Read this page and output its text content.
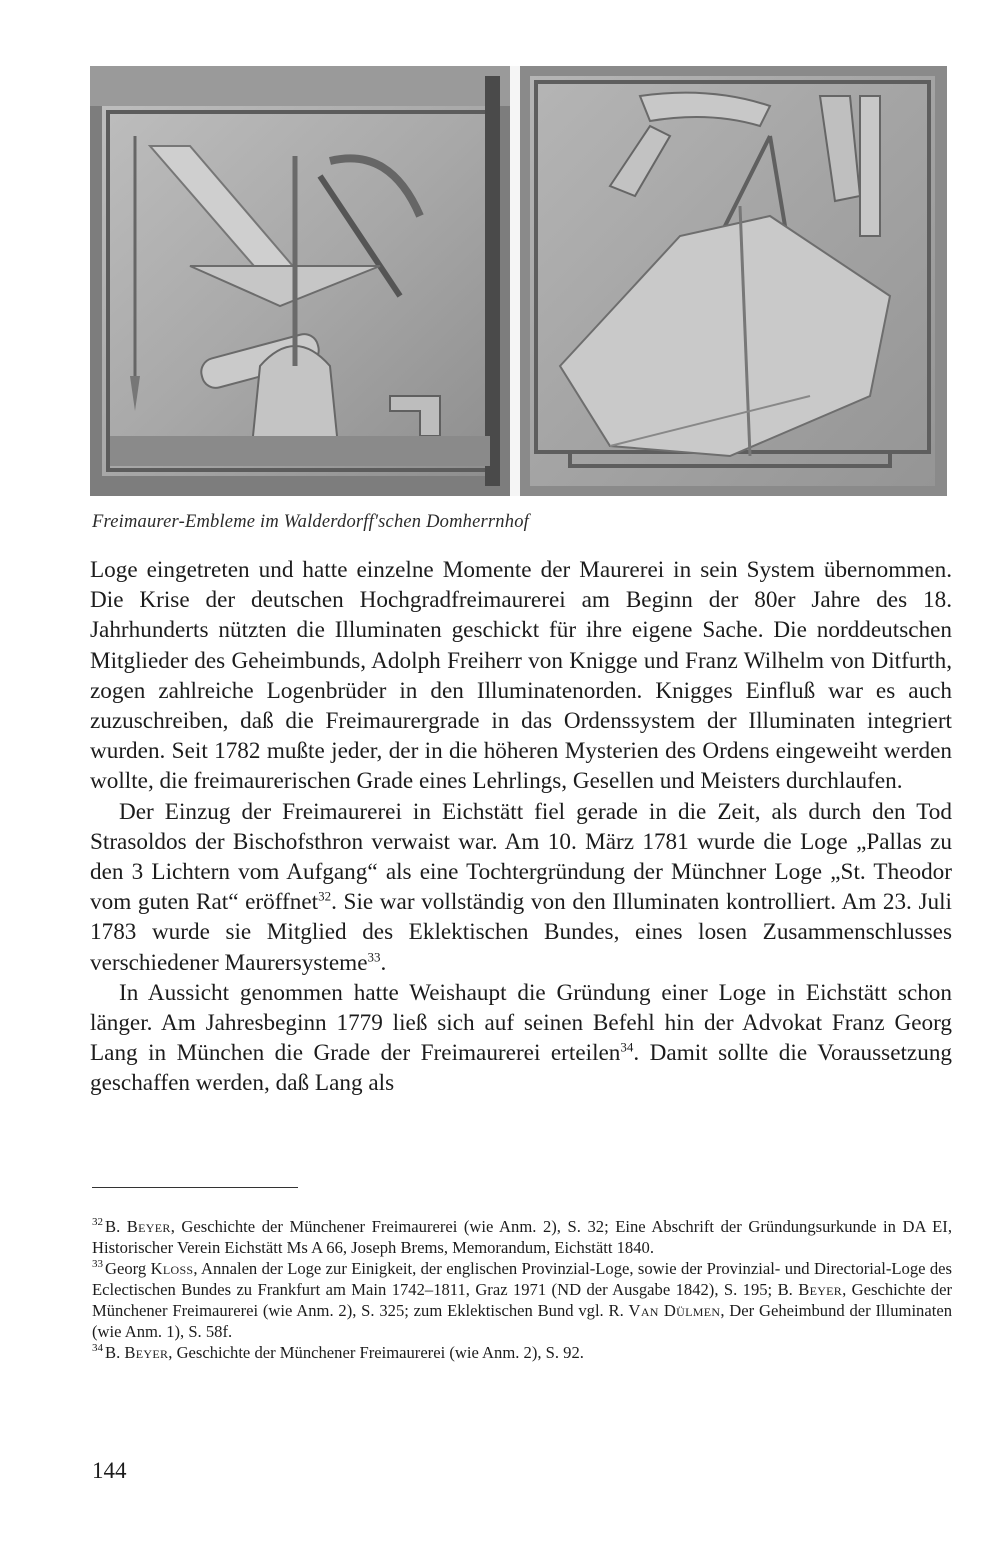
Freimaurer-Embleme im Walderdorff'schen Domherrnhof

Loge eingetreten und hatte einzelne Momente der Maurerei in sein System übernommen. Die Krise der deutschen Hochgradfreimaurerei am Beginn der 80er Jahre des 18. Jahrhunderts nützten die Illuminaten geschickt für ihre eigene Sache. Die norddeutschen Mitglieder des Geheimbunds, Adolph Freiherr von Knigge und Franz Wilhelm von Ditfurth, zogen zahlreiche Logenbrüder in den Illuminatenorden. Knigges Einfluß war es auch zuzuschreiben, daß die Freimaurergrade in das Ordenssystem der Illuminaten integriert wurden. Seit 1782 mußte jeder, der in die höheren Mysterien des Ordens eingeweiht werden wollte, die freimaurerischen Grade eines Lehrlings, Gesellen und Meisters durchlaufen.

Der Einzug der Freimaurerei in Eichstätt fiel gerade in die Zeit, als durch den Tod Strasoldos der Bischofsthron verwaist war. Am 10. März 1781 wurde die Loge „Pallas zu den 3 Lichtern vom Aufgang“ als eine Tochtergründung der Münchner Loge „St. Theodor vom guten Rat“ eröffnet$^{32}$. Sie war vollständig von den Illuminaten kontrolliert. Am 23. Juli 1783 wurde sie Mitglied des Eklektischen Bundes, eines losen Zusammenschlusses verschiedener Maurersysteme$^{33}$.

In Aussicht genommen hatte Weishaupt die Gründung einer Loge in Eichstätt schon länger. Am Jahresbeginn 1779 ließ sich auf seinen Befehl hin der Advokat Franz Georg Lang in München die Grade der Freimaurerei erteilen$^{34}$. Damit sollte die Voraussetzung geschaffen werden, daß Lang als

$^{32}$ B. Beyer, Geschichte der Münchener Freimaurerei (wie Anm. 2), S. 32; Eine Abschrift der Gründungsurkunde in DA EI, Historischer Verein Eichstätt Ms A 66, Joseph Brems, Memorandum, Eichstätt 1840.

$^{33}$ Georg Kloss, Annalen der Loge zur Einigkeit, der englischen Provinzial-Loge, sowie der Provinzial- und Directorial-Loge des Eclectischen Bundes zu Frankfurt am Main 1742–1811, Graz 1971 (ND der Ausgabe 1842), S. 195; B. Beyer, Geschichte der Münchener Freimaurerei (wie Anm. 2), S. 325; zum Eklektischen Bund vgl. R. Van Dülmen, Der Geheimbund der Illuminaten (wie Anm. 1), S. 58f.

$^{34}$ B. Beyer, Geschichte der Münchener Freimaurerei (wie Anm. 2), S. 92.

144
